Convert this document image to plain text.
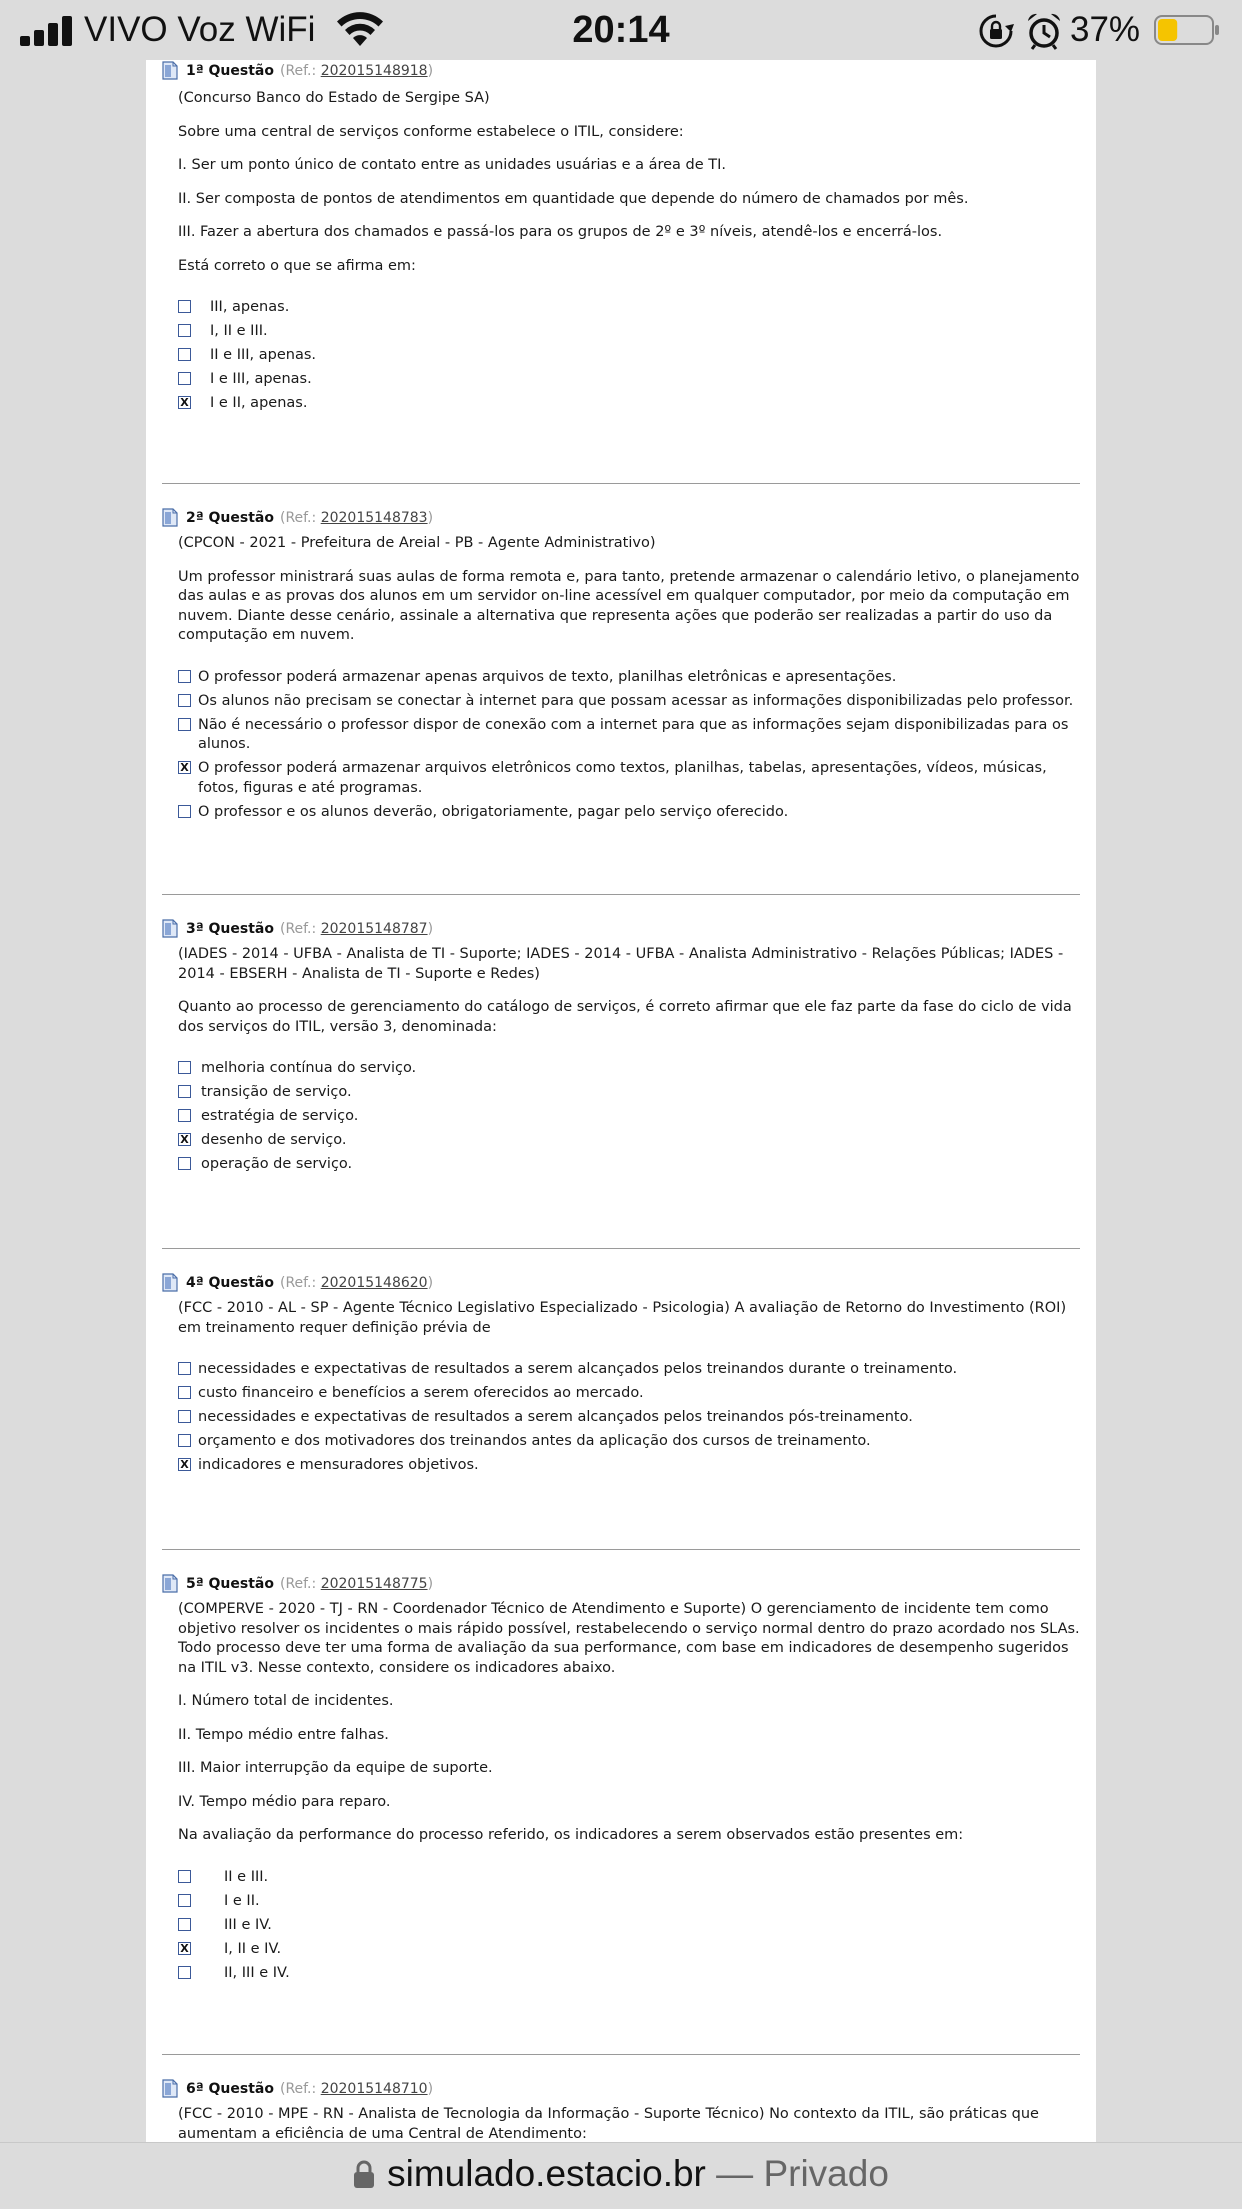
VIVO Voz WiFi	20:14	37%
1ª Questão (Ref.: 202015148918)

(Concurso Banco do Estado de Sergipe SA)

Sobre uma central de serviços conforme estabelece o ITIL, considere:

I. Ser um ponto único de contato entre as unidades usuárias e a área de TI.

II. Ser composta de pontos de atendimentos em quantidade que depende do número de chamados por mês.

III. Fazer a abertura dos chamados e passá-los para os grupos de 2º e 3º níveis, atendê-los e encerrá-los.

Está correto o que se afirma em:

III, apenas.
I, II e III.
II e III, apenas.
I e III, apenas.
X I e II, apenas.
2ª Questão (Ref.: 202015148783)

(CPCON - 2021 - Prefeitura de Areial - PB - Agente Administrativo)

Um professor ministrará suas aulas de forma remota e, para tanto, pretende armazenar o calendário letivo, o planejamento das aulas e as provas dos alunos em um servidor on-line acessível em qualquer computador, por meio da computação em nuvem. Diante desse cenário, assinale a alternativa que representa ações que poderão ser realizadas a partir do uso da computação em nuvem.

O professor poderá armazenar apenas arquivos de texto, planilhas eletrônicas e apresentações.
Os alunos não precisam se conectar à internet para que possam acessar as informações disponibilizadas pelo professor.
Não é necessário o professor dispor de conexão com a internet para que as informações sejam disponibilizadas para os alunos.
X O professor poderá armazenar arquivos eletrônicos como textos, planilhas, tabelas, apresentações, vídeos, músicas, fotos, figuras e até programas.
O professor e os alunos deverão, obrigatoriamente, pagar pelo serviço oferecido.
3ª Questão (Ref.: 202015148787)

(IADES - 2014 - UFBA - Analista de TI - Suporte; IADES - 2014 - UFBA - Analista Administrativo - Relações Públicas; IADES - 2014 - EBSERH - Analista de TI - Suporte e Redes)

Quanto ao processo de gerenciamento do catálogo de serviços, é correto afirmar que ele faz parte da fase do ciclo de vida dos serviços do ITIL, versão 3, denominada:

melhoria contínua do serviço.
transição de serviço.
estratégia de serviço.
X desenho de serviço.
operação de serviço.
4ª Questão (Ref.: 202015148620)

(FCC - 2010 - AL - SP - Agente Técnico Legislativo Especializado - Psicologia) A avaliação de Retorno do Investimento (ROI) em treinamento requer definição prévia de

necessidades e expectativas de resultados a serem alcançados pelos treinandos durante o treinamento.
custo financeiro e benefícios a serem oferecidos ao mercado.
necessidades e expectativas de resultados a serem alcançados pelos treinandos pós-treinamento.
orçamento e dos motivadores dos treinandos antes da aplicação dos cursos de treinamento.
X indicadores e mensuradores objetivos.
5ª Questão (Ref.: 202015148775)

(COMPERVE - 2020 - TJ - RN - Coordenador Técnico de Atendimento e Suporte) O gerenciamento de incidente tem como objetivo resolver os incidentes o mais rápido possível, restabelecendo o serviço normal dentro do prazo acordado nos SLAs. Todo processo deve ter uma forma de avaliação da sua performance, com base em indicadores de desempenho sugeridos na ITIL v3. Nesse contexto, considere os indicadores abaixo.

I. Número total de incidentes.

II. Tempo médio entre falhas.

III. Maior interrupção da equipe de suporte.

IV. Tempo médio para reparo.

Na avaliação da performance do processo referido, os indicadores a serem observados estão presentes em:

II e III.
I e II.
III e IV.
X I, II e IV.
II, III e IV.
6ª Questão (Ref.: 202015148710)

(FCC - 2010 - MPE - RN - Analista de Tecnologia da Informação - Suporte Técnico) No contexto da ITIL, são práticas que aumentam a eficiência de uma Central de Atendimento:

simulado.estacio.br — Privado
